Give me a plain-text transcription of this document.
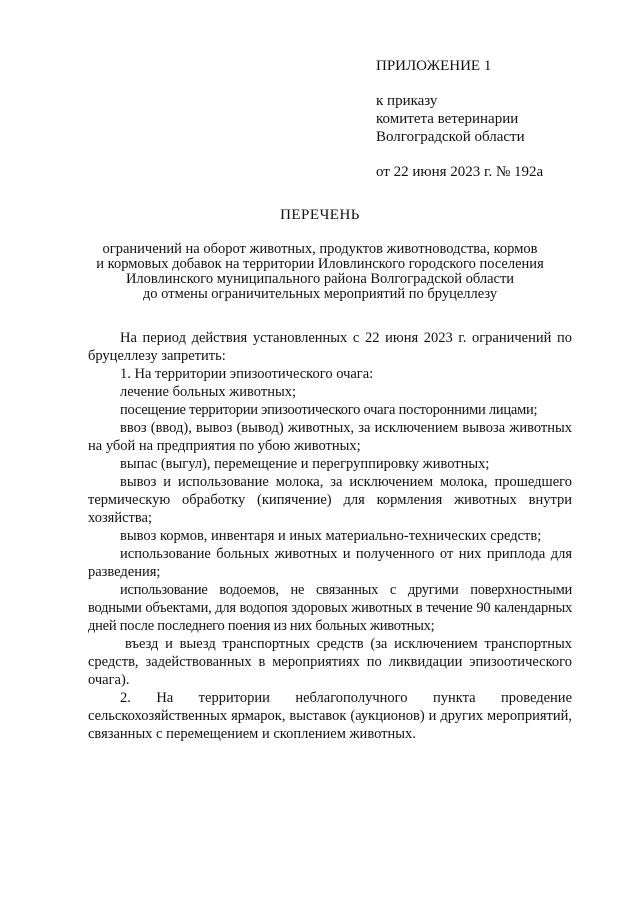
ПРИЛОЖЕНИЕ 1
к приказу
комитета ветеринарии
Волгоградской области
от 22 июня 2023 г. № 192а
ПЕРЕЧЕНЬ
ограничений на оборот животных, продуктов животноводства, кормов
и кормовых добавок на территории Иловлинского городского поселения
Иловлинского муниципального района Волгоградской области
до отмены ограничительных мероприятий по бруцеллезу

На период действия установленных с 22 июня 2023 г. ограничений по бруцеллезу запретить:

1. На территории эпизоотического очага:

лечение больных животных;

посещение территории эпизоотического очага посторонними лицами;

ввоз (ввод), вывоз (вывод) животных, за исключением вывоза животных на убой на предприятия по убою животных;

выпас (выгул), перемещение и перегруппировку животных;

вывоз и использование молока, за исключением молока, прошедшего термическую обработку (кипячение) для кормления животных внутри хозяйства;

вывоз кормов, инвентаря и иных материально-технических средств;

использование больных животных и полученного от них приплода для разведения;

использование водоемов, не связанных с другими поверхностными водными объектами, для водопоя здоровых животных в течение 90 календарных дней после последнего поения из них больных животных;

въезд и выезд транспортных средств (за исключением транспортных средств, задействованных в мероприятиях по ликвидации эпизоотического очага).

2. На территории неблагополучного пункта проведение сельскохозяйственных ярмарок, выставок (аукционов) и других мероприятий, связанных с перемещением и скоплением животных.
